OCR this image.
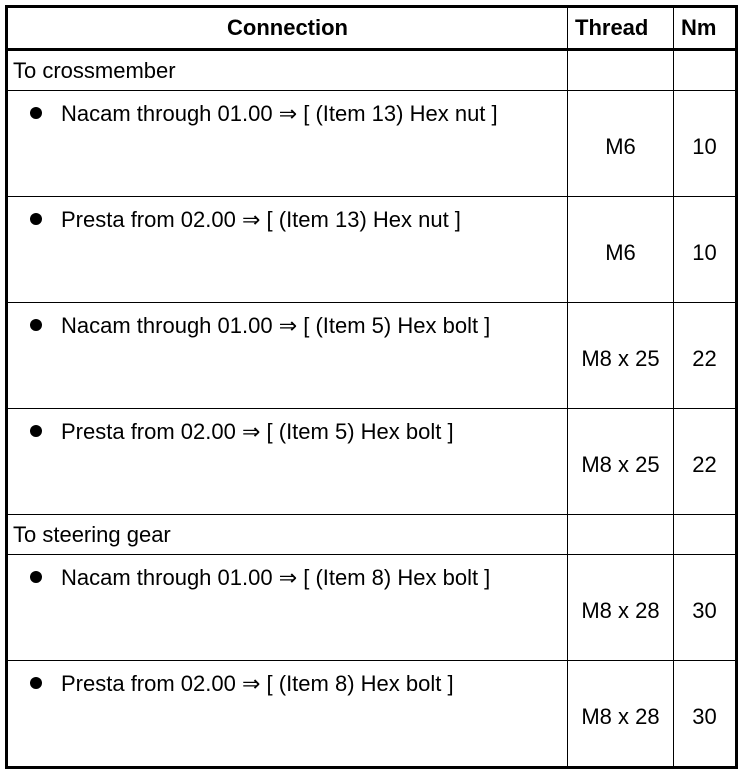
Connection	Thread	Nm
To crossmember		

Nacam through 01.00 ⇒ [ (Item 13) Hex nut ]	M6	10

Presta from 02.00 ⇒ [ (Item 13) Hex nut ]	M6	10

Nacam through 01.00 ⇒ [ (Item 5) Hex bolt ]	M8 x 25	22

Presta from 02.00 ⇒ [ (Item 5) Hex bolt ]	M8 x 25	22
To steering gear		

Nacam through 01.00 ⇒ [ (Item 8) Hex bolt ]	M8 x 28	30

Presta from 02.00 ⇒ [ (Item 8) Hex bolt ]	M8 x 28	30
